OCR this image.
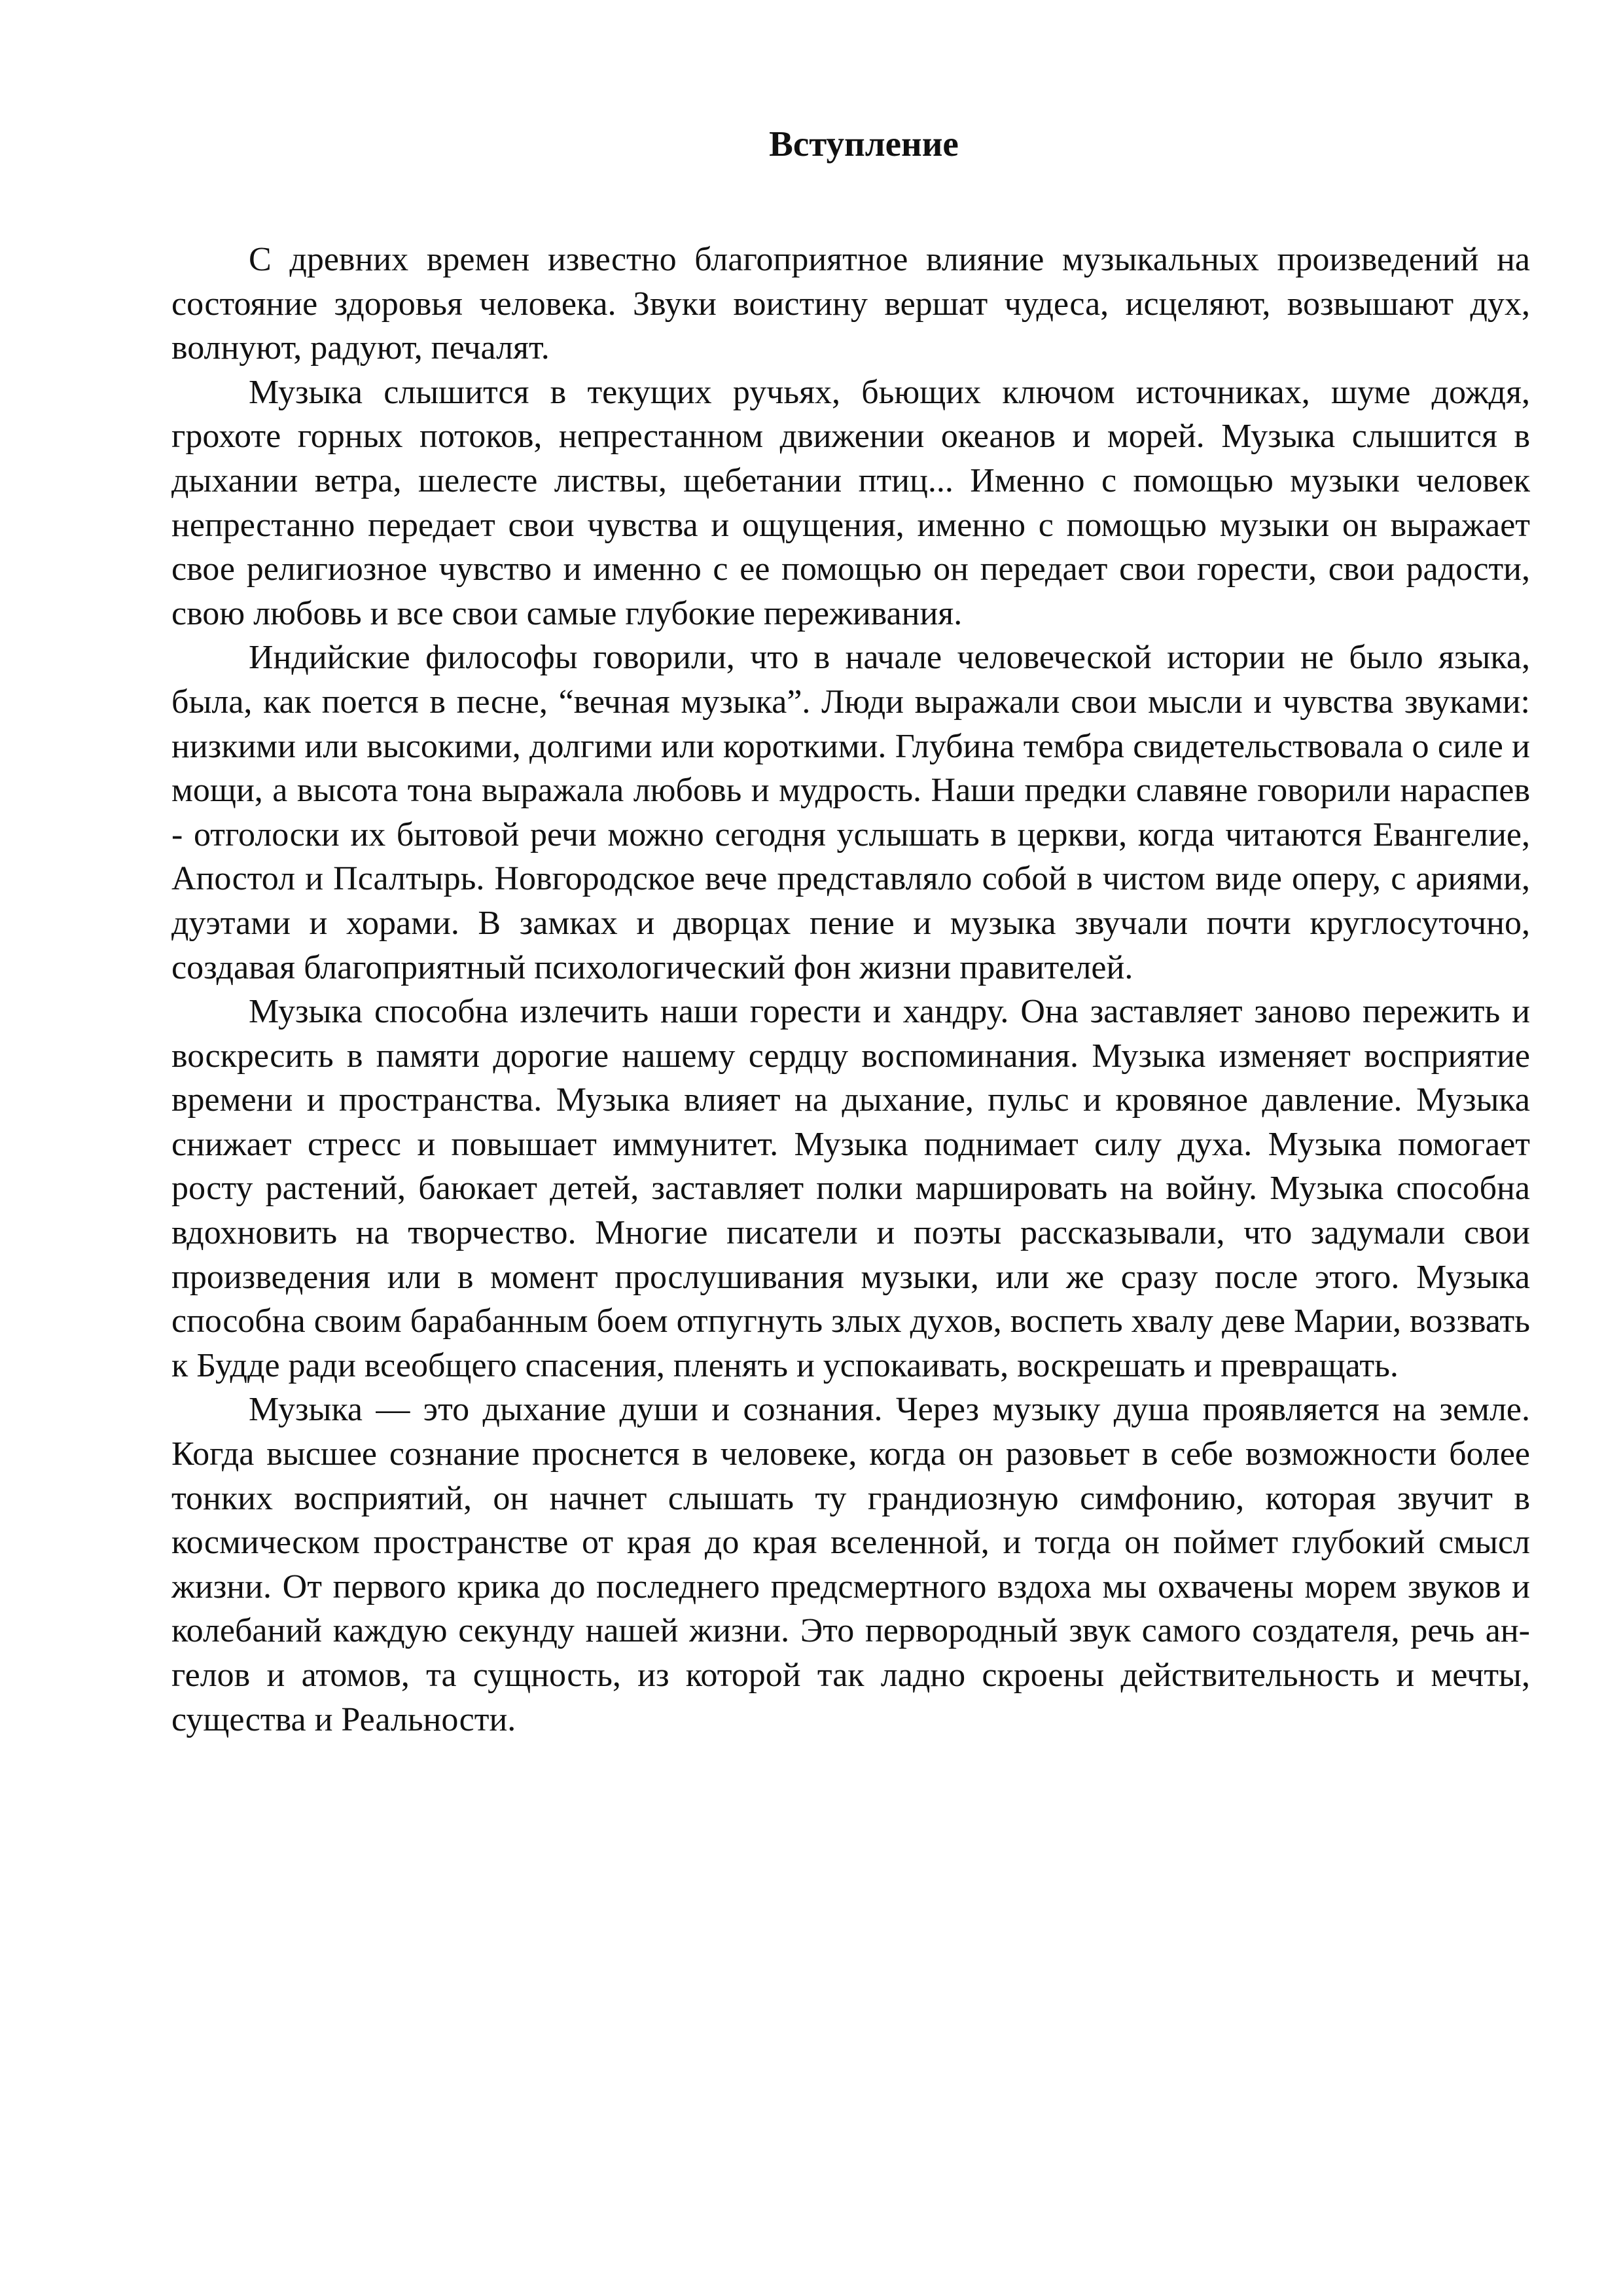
Вступление

С древних времен известно благоприятное влияние музыкальных произведений на состояние здоровья человека. Звуки воистину вершат чудеса, исцеляют, возвышают дух, волнуют, радуют, печалят.

Музыка слышится в текущих ручьях, бьющих ключом источниках, шуме дождя, грохоте горных потоков, непрестанном движении океанов и морей. Музыка слышится в дыхании ветра, шелесте листвы, щебетании птиц... Именно с помощью музыки человек непрестанно передает свои чувства и ощущения, именно с помощью музыки он выражает свое религиозное чувство и именно с ее помощью он передает свои горести, свои радости, свою любовь и все свои самые глубокие переживания.

Индийские философы говорили, что в начале человеческой истории не было языка, была, как поется в песне, “вечная музыка”. Люди выражали свои мысли и чувства звуками: низкими или высокими, долгими или короткими. Глубина тембра свидетельствовала о силе и мощи, а высота тона выражала любовь и мудрость. Наши предки славяне говорили нараспев - отголоски их бытовой речи можно сегодня услышать в церкви, когда читаются Евангелие, Апостол и Псалтырь. Новгородское вече представляло собой в чистом виде оперу, с ариями, дуэтами и хорами. В замках и дворцах пение и музыка звучали почти круглосуточно, создавая благоприятный психологический фон жизни правителей.

Музыка способна излечить наши горести и хандру. Она заставляет заново пережить и воскресить в памяти дорогие нашему сердцу воспоминания. Музыка изменяет восприятие времени и пространства. Музыка влияет на дыхание, пульс и кровяное давление. Музыка снижает стресс и повышает иммунитет. Музыка поднимает силу духа. Музыка помогает росту растений, баюкает детей, заставляет полки маршировать на войну. Музыка способна вдохновить на творчество. Многие писатели и поэты рассказывали, что задумали свои произведения или в момент прослушивания музыки, или же сразу после этого. Музыка способна своим барабанным боем отпугнуть злых духов, воспеть хвалу деве Марии, воззвать к Будде ради всеобщего спасения, пленять и успокаивать, воскрешать и превращать.

Музыка — это дыхание души и сознания. Через музыку душа проявляется на земле. Когда высшее сознание проснется в человеке, когда он разовьет в себе возможности более тонких восприятий, он начнет слышать ту грандиозную симфонию, которая звучит в космическом пространстве от края до края вселенной, и тогда он поймет глубокий смысл жизни. От первого крика до последнего предсмертного вздоха мы охвачены морем звуков и колебаний каждую секунду нашей жизни. Это первородный звук самого создателя, речь ан-гелов и атомов, та сущность, из которой так ладно скроены действительность и мечты, существа и Реальности.
